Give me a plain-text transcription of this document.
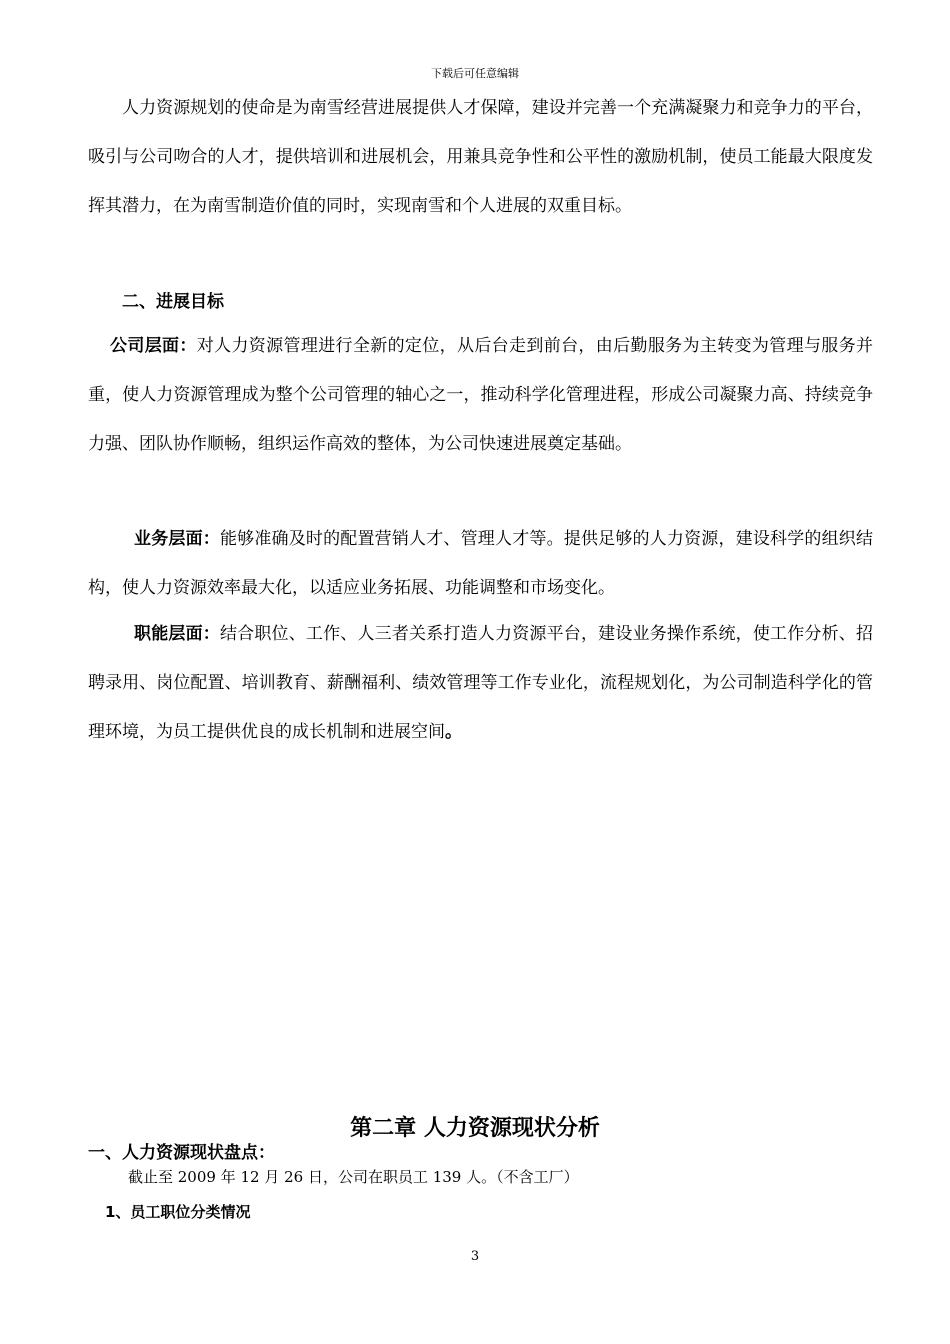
下载后可任意编辑

人力资源规划的使命是为南雪经营进展提供人才保障，建设并完善一个充满凝聚力和竞争力的平台，吸引与公司吻合的人才，提供培训和进展机会，用兼具竞争性和公平性的激励机制，使员工能最大限度发挥其潜力，在为南雪制造价值的同时，实现南雪和个人进展的双重目标。

二、进展目标

公司层面：对人力资源管理进行全新的定位，从后台走到前台，由后勤服务为主转变为管理与服务并重，使人力资源管理成为整个公司管理的轴心之一，推动科学化管理进程，形成公司凝聚力高、持续竞争力强、团队协作顺畅，组织运作高效的整体，为公司快速进展奠定基础。

业务层面：能够准确及时的配置营销人才、管理人才等。提供足够的人力资源，建设科学的组织结构，使人力资源效率最大化，以适应业务拓展、功能调整和市场变化。

职能层面：结合职位、工作、人三者关系打造人力资源平台，建设业务操作系统，使工作分析、招聘录用、岗位配置、培训教育、薪酬福利、绩效管理等工作专业化，流程规划化，为公司制造科学化的管理环境，为员工提供优良的成长机制和进展空间。

第二章 人力资源现状分析
一、人力资源现状盘点：
截止至 2009 年 12 月 26 日，公司在职员工 139 人。（不含工厂）
1、员工职位分类情况
3
